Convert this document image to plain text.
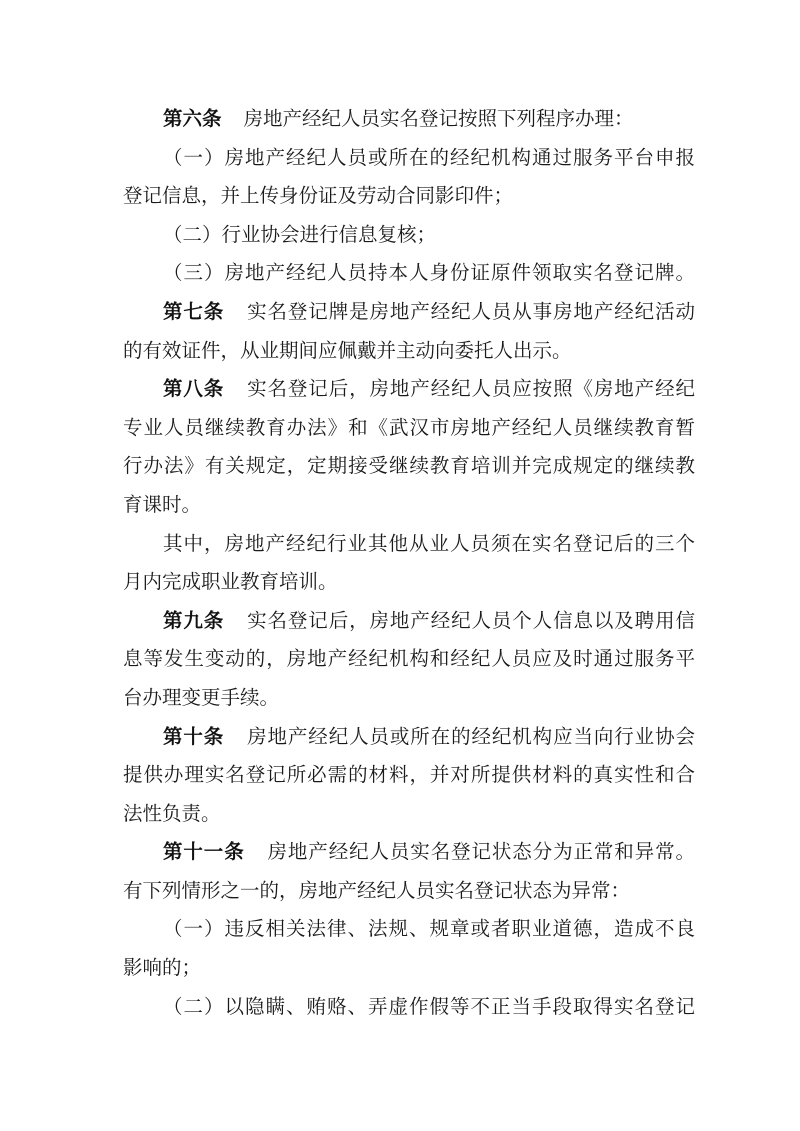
第六条 房地产经纪人员实名登记按照下列程序办理：
（一）房地产经纪人员或所在的经纪机构通过服务平台申报
登记信息，并上传身份证及劳动合同影印件；
（二）行业协会进行信息复核；
（三）房地产经纪人员持本人身份证原件领取实名登记牌。
第七条 实名登记牌是房地产经纪人员从事房地产经纪活动
的有效证件，从业期间应佩戴并主动向委托人出示。
第八条 实名登记后，房地产经纪人员应按照《房地产经纪
专业人员继续教育办法》和《武汉市房地产经纪人员继续教育暂
行办法》有关规定，定期接受继续教育培训并完成规定的继续教
育课时。
其中，房地产经纪行业其他从业人员须在实名登记后的三个
月内完成职业教育培训。
第九条 实名登记后，房地产经纪人员个人信息以及聘用信
息等发生变动的，房地产经纪机构和经纪人员应及时通过服务平
台办理变更手续。
第十条 房地产经纪人员或所在的经纪机构应当向行业协会
提供办理实名登记所必需的材料，并对所提供材料的真实性和合
法性负责。
第十一条 房地产经纪人员实名登记状态分为正常和异常。
有下列情形之一的，房地产经纪人员实名登记状态为异常：
（一）违反相关法律、法规、规章或者职业道德，造成不良
影响的；
（二）以隐瞒、贿赂、弄虚作假等不正当手段取得实名登记
